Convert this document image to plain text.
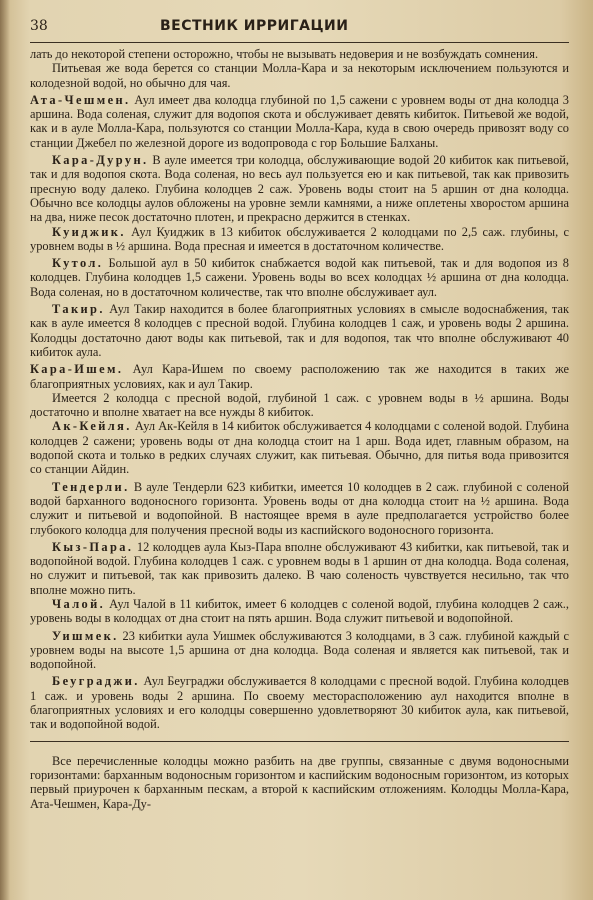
38	ВЕСТНИК ИРРИГАЦИИ

лать до некоторой степени осторожно, чтобы не вызывать недоверия и не возбуждать сомнения.

Питьевая же вода берется со станции Молла-Кара и за некоторым исключением пользуются и колодезной водой, но обычно для чая.

Ата-Чешмен. Аул имеет два колодца глубиной по 1,5 сажени с уровнем воды от дна колодца 3 аршина. Вода соленая, служит для водопоя скота и обслуживает девять кибиток. Питьевой же водой, как и в ауле Молла-Кара, пользуются со станции Молла-Кара, куда в свою очередь привозят воду со станции Джебел по железной дороге из водопровода с гор Большие Балханы.

Кара-Дурун. В ауле имеется три колодца, обслуживающие водой 20 кибиток как питьевой, так и для водопоя скота. Вода соленая, но весь аул пользуется ею и как питьевой, так как привозить пресную воду далеко. Глубина колодцев 2 саж. Уровень воды стоит на 5 аршин от дна колодца. Обычно все колодцы аулов обложены на уровне земли камнями, а ниже оплетены хворостом аршина на два, ниже песок достаточно плотен, и прекрасно держится в стенках.

Куиджик. Аул Куиджик в 13 кибиток обслуживается 2 колодцами по 2,5 саж. глубины, с уровнем воды в ½ аршина. Вода пресная и имеется в достаточном количестве.

Кутол. Большой аул в 50 кибиток снабжается водой как питьевой, так и для водопоя из 8 колодцев. Глубина колодцев 1,5 сажени. Уровень воды во всех колодцах ½ аршина от дна колодца. Вода соленая, но в достаточном количестве, так что вполне обслуживает аул.

Такир. Аул Такир находится в более благоприятных условиях в смысле водоснабжения, так как в ауле имеется 8 колодцев с пресной водой. Глубина колодцев 1 саж, и уровень воды 2 аршина. Колодцы достаточно дают воды как питьевой, так и для водопоя, так что вполне обслуживают 40 кибиток аула.

Кара-Ишем. Аул Кара-Ишем по своему расположению так же находится в таких же благоприятных условиях, как и аул Такир.

Имеется 2 колодца с пресной водой, глубиной 1 саж. с уровнем воды в ½ аршина. Воды достаточно и вполне хватает на все нужды 8 кибиток.

Ак-Кейля. Аул Ак-Кейля в 14 кибиток обслуживается 4 колодцами с соленой водой. Глубина колодцев 2 сажени; уровень воды от дна колодца стоит на 1 арш. Вода идет, главным образом, на водопой скота и только в редких случаях служит, как питьевая. Обычно, для питья вода привозится со станции Айдин.

Тендерли. В ауле Тендерли 623 кибитки, имеется 10 колодцев в 2 саж. глубиной с соленой водой барханного водоносного горизонта. Уровень воды от дна колодца стоит на ½ аршина. Вода служит и питьевой и водопойной. В настоящее время в ауле предполагается устройство более глубокого колодца для получения пресной воды из каспийского водоносного горизонта.

Кыз-Пара. 12 колодцев аула Кыз-Пара вполне обслуживают 43 кибитки, как питьевой, так и водопойной водой. Глубина колодцев 1 саж. с уровнем воды в 1 аршин от дна колодца. Вода соленая, но служит и питьевой, так как привозить далеко. В чаю соленость чувствуется несильно, так что вполне можно пить.

Чалой. Аул Чалой в 11 кибиток, имеет 6 колодцев с соленой водой, глубина колодцев 2 саж., уровень воды в колодцах от дна стоит на пять аршин. Вода служит питьевой и водопойной.

Уишмек. 23 кибитки аула Уишмек обслуживаются 3 колодцами, в 3 саж. глубиной каждый с уровнем воды на высоте 1,5 аршина от дна колодца. Вода соленая и является как питьевой, так и водопойной.

Беуграджи. Аул Беуграджи обслуживается 8 колодцами с пресной водой. Глубина колодцев 1 саж. и уровень воды 2 аршина. По своему месторасположению аул находится вполне в благоприятных условиях и его колодцы совершенно удовлетворяют 30 кибиток аула, как питьевой, так и водопойной водой.

Все перечисленные колодцы можно разбить на две группы, связанные с двумя водоносными горизонтами: барханным водоносным горизонтом и каспийским водоносным горизонтом, из которых первый приурочен к барханным пескам, а второй к каспийским отложениям. Колодцы Молла-Кара, Ата-Чешмен, Кара-Ду-
